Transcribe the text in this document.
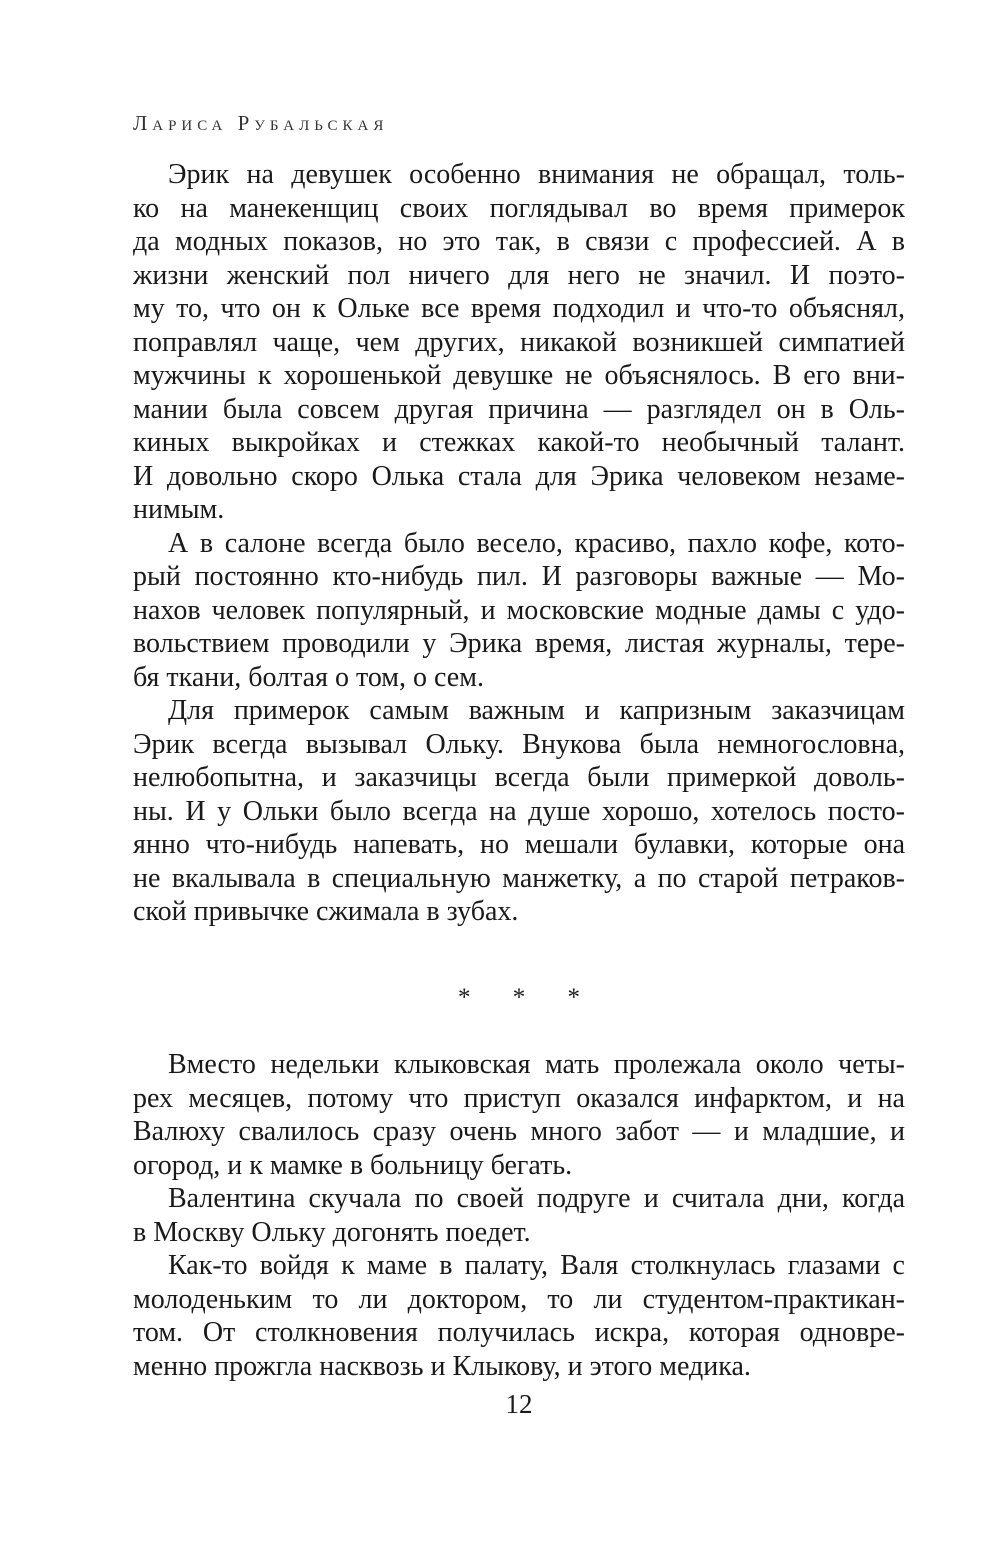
Лариса Рубальская
Эрик на девушек особенно внимания не обращал, толь-
ко на манекенщиц своих поглядывал во время примерок
да модных показов, но это так, в связи с профессией. А в
жизни женский пол ничего для него не значил. И поэто-
му то, что он к Ольке все время подходил и что-то объяснял,
поправлял чаще, чем других, никакой возникшей симпатией
мужчины к хорошенькой девушке не объяснялось. В его вни-
мании была совсем другая причина — разглядел он в Оль-
киных выкройках и стежках какой-то необычный талант.
И довольно скоро Олька стала для Эрика человеком незаме-
нимым.
А в салоне всегда было весело, красиво, пахло кофе, кото-
рый постоянно кто-нибудь пил. И разговоры важные — Мо-
нахов человек популярный, и московские модные дамы с удо-
вольствием проводили у Эрика время, листая журналы, тере-
бя ткани, болтая о том, о сем.
Для примерок самым важным и капризным заказчицам
Эрик всегда вызывал Ольку. Внукова была немногословна,
нелюбопытна, и заказчицы всегда были примеркой доволь-
ны. И у Ольки было всегда на душе хорошо, хотелось посто-
янно что-нибудь напевать, но мешали булавки, которые она
не вкалывала в специальную манжетку, а по старой петраков-
ской привычке сжимала в зубах.
* * *
Вместо недельки клыковская мать пролежала около четы-
рех месяцев, потому что приступ оказался инфарктом, и на
Валюху свалилось сразу очень много забот — и младшие, и
огород, и к мамке в больницу бегать.
Валентина скучала по своей подруге и считала дни, когда
в Москву Ольку догонять поедет.
Как-то войдя к маме в палату, Валя столкнулась глазами с
молоденьким то ли доктором, то ли студентом-практикан-
том. От столкновения получилась искра, которая одновре-
менно прожгла насквозь и Клыкову, и этого медика.
12
